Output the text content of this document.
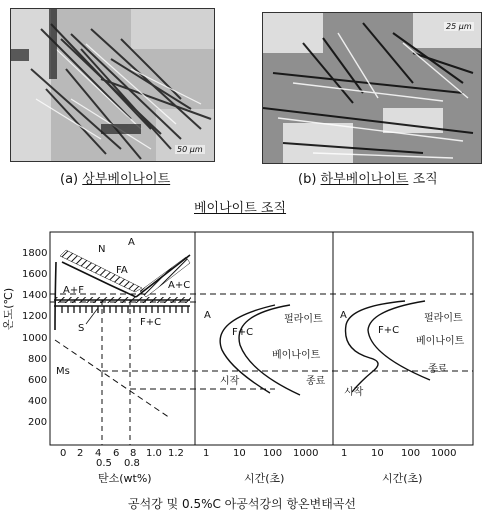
50 μm
25 μm
(a) 상부베이나이트	(b) 하부베이나이트 조직
베이나이트 조직
온도(℃)
1800
1600
1400
1200
1000
800
600
400
200
A
N
FA
A+F	A+C
F+C
S
Ms
0 2 4 6 8 1.0 1.2
0.5 0.8
탄소(wt%)
A
F+C
펄라이트
베이나이트
시작	종료
1 10 100 1000
시간(초)
A
F+C
펄라이트
베이나이트
시작
종료
1 10 100 1000
시간(초)
공석강 및 0.5%C 아공석강의 항온변태곡선
